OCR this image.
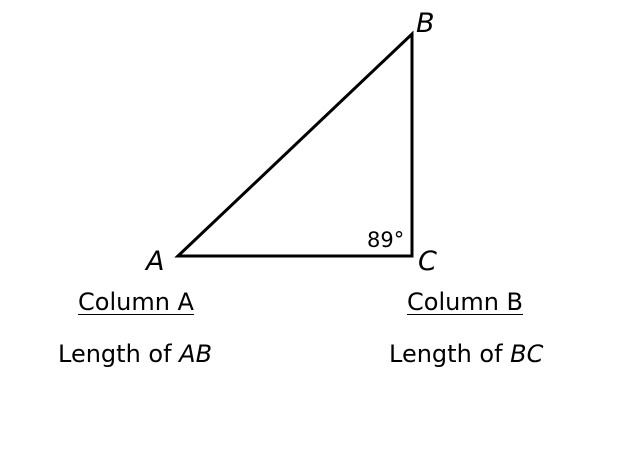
A
B
C
89°
Column A
Length of AB
Column B
Length of BC
